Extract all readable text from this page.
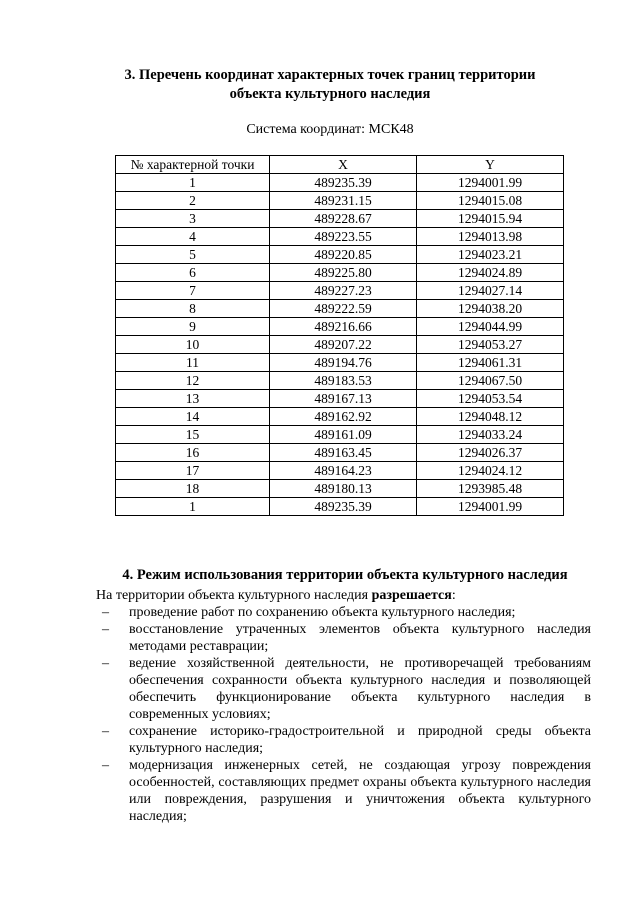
3. Перечень координат характерных точек границ территории
объекта культурного наследия
Система координат: МСК48
№ характерной точки	X	Y
1	489235.39	1294001.99
2	489231.15	1294015.08
3	489228.67	1294015.94
4	489223.55	1294013.98
5	489220.85	1294023.21
6	489225.80	1294024.89
7	489227.23	1294027.14
8	489222.59	1294038.20
9	489216.66	1294044.99
10	489207.22	1294053.27
11	489194.76	1294061.31
12	489183.53	1294067.50
13	489167.13	1294053.54
14	489162.92	1294048.12
15	489161.09	1294033.24
16	489163.45	1294026.37
17	489164.23	1294024.12
18	489180.13	1293985.48
1	489235.39	1294001.99
4. Режим использования территории объекта культурного наследия
На территории объекта культурного наследия разрешается:
– проведение работ по сохранению объекта культурного наследия;
– восстановление утраченных элементов объекта культурного наследия методами реставрации;
– ведение хозяйственной деятельности, не противоречащей требованиям обеспечения сохранности объекта культурного наследия и позволяющей обеспечить функционирование объекта культурного наследия в современных условиях;
– сохранение историко-градостроительной и природной среды объекта культурного наследия;
– модернизация инженерных сетей, не создающая угрозу повреждения особенностей, составляющих предмет охраны объекта культурного наследия или повреждения, разрушения и уничтожения объекта культурного наследия;
